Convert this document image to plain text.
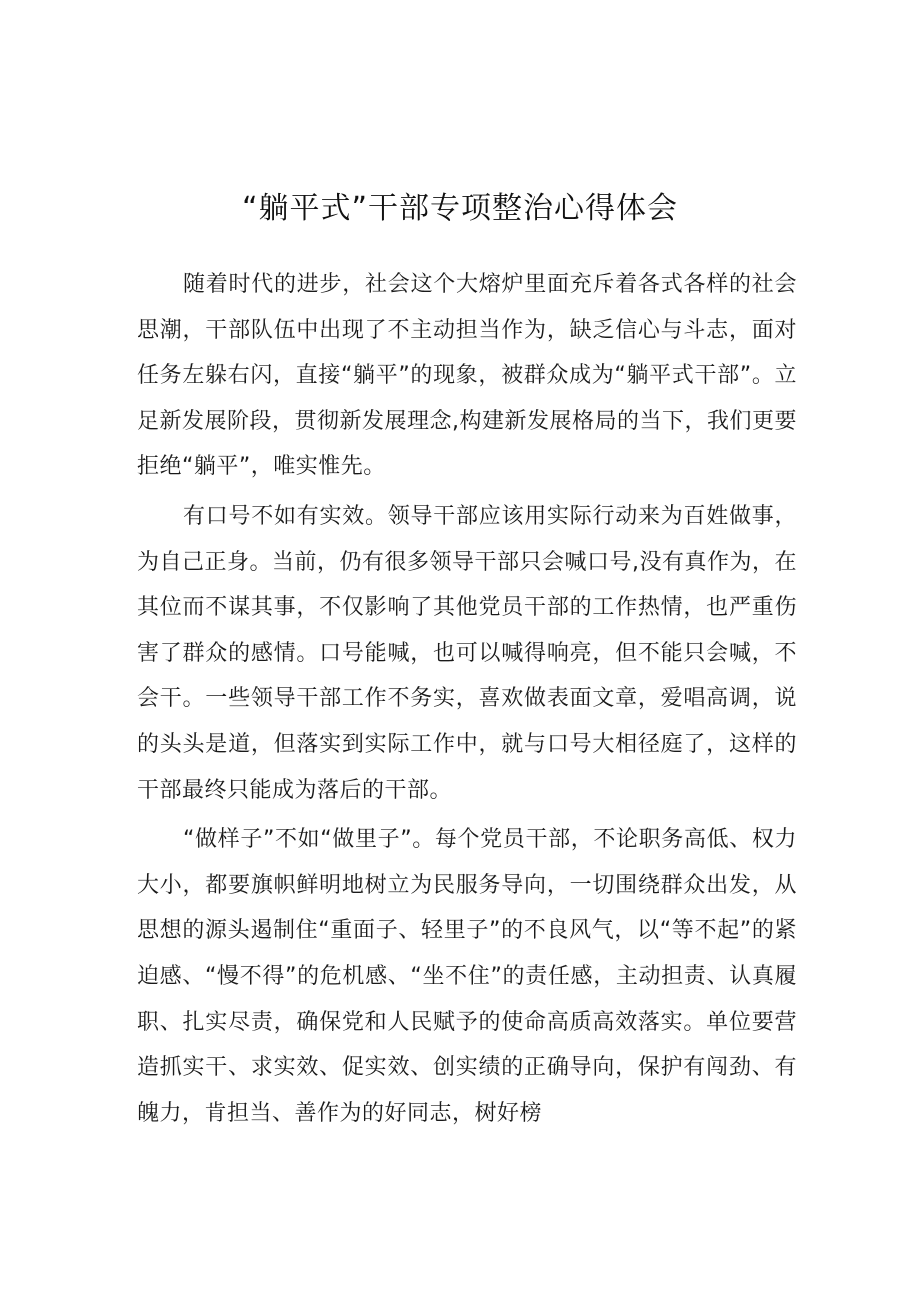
“躺平式”干部专项整治心得体会

随着时代的进步，社会这个大熔炉里面充斥着各式各样的社会思潮，干部队伍中出现了不主动担当作为，缺乏信心与斗志，面对任务左躲右闪，直接“躺平”的现象，被群众成为“躺平式干部”。立足新发展阶段，贯彻新发展理念,构建新发展格局的当下，我们更要拒绝“躺平”，唯实惟先。

有口号不如有实效。领导干部应该用实际行动来为百姓做事，为自己正身。当前，仍有很多领导干部只会喊口号,没有真作为，在其位而不谋其事，不仅影响了其他党员干部的工作热情，也严重伤害了群众的感情。口号能喊，也可以喊得响亮，但不能只会喊，不会干。一些领导干部工作不务实，喜欢做表面文章，爱唱高调，说的头头是道，但落实到实际工作中，就与口号大相径庭了，这样的干部最终只能成为落后的干部。

“做样子”不如“做里子”。每个党员干部，不论职务高低、权力大小，都要旗帜鲜明地树立为民服务导向，一切围绕群众出发，从思想的源头遏制住“重面子、轻里子”的不良风气，以“等不起”的紧迫感、“慢不得”的危机感、“坐不住”的责任感，主动担责、认真履职、扎实尽责，确保党和人民赋予的使命高质高效落实。单位要营造抓实干、求实效、促实效、创实绩的正确导向，保护有闯劲、有魄力，肯担当、善作为的好同志，树好榜
